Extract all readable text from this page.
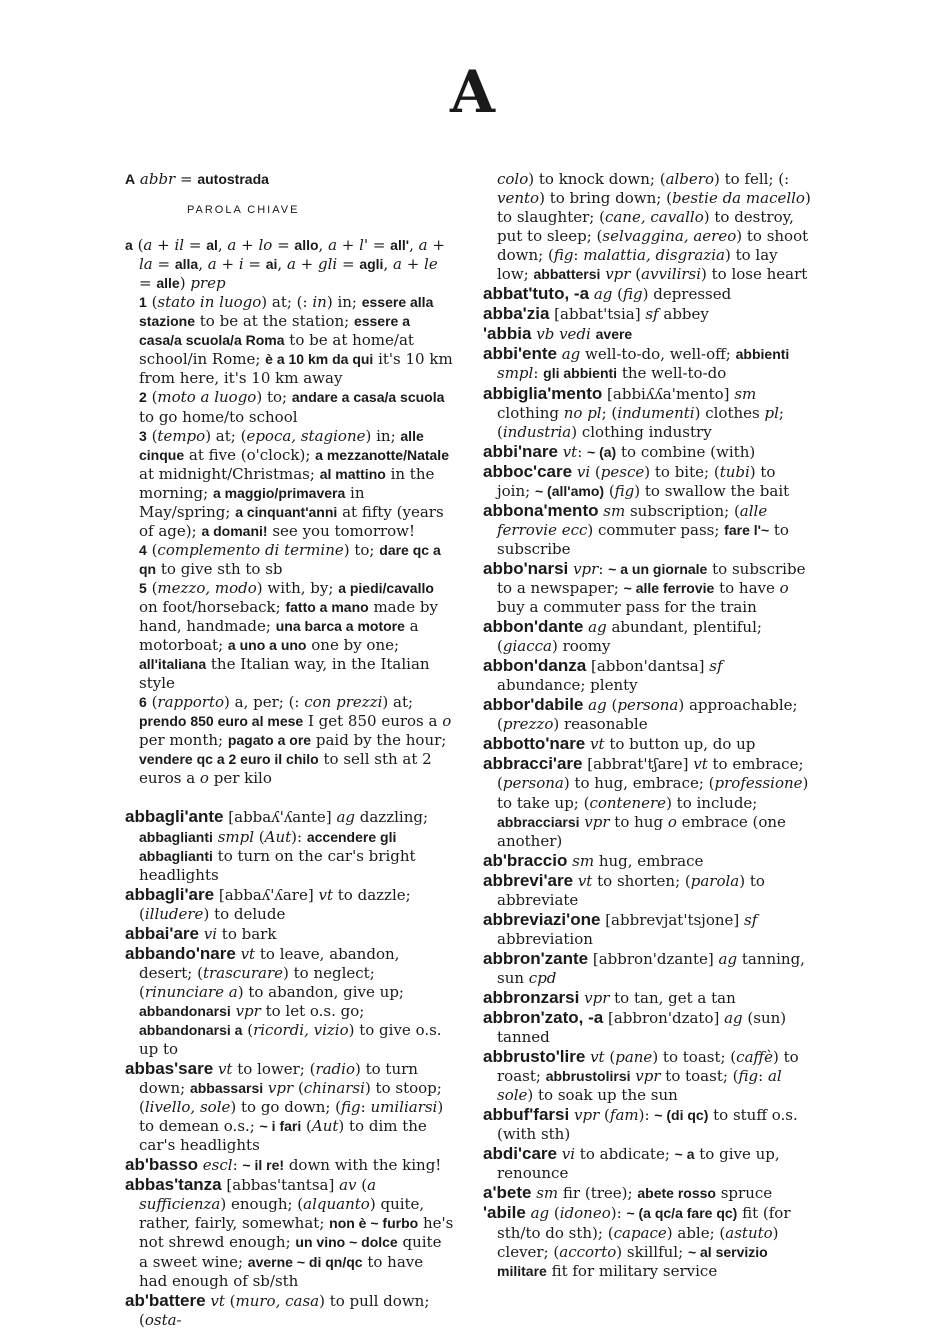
A
A abbr = autostrada
PAROLA CHIAVE
a (a + il = al, a + lo = allo, a + l' = all', a + la = alla, a + i = ai, a + gli = agli, a + le = alle) prep
1 (stato in luogo) at; (: in) in; essere alla stazione to be at the station; essere a casa/a scuola/a Roma to be at home/at school/in Rome; è a 10 km da qui it's 10 km from here, it's 10 km away
2 (moto a luogo) to; andare a casa/a scuola to go home/to school
3 (tempo) at; (epoca, stagione) in; alle cinque at five (o'clock); a mezzanotte/Natale at midnight/Christmas; al mattino in the morning; a maggio/primavera in May/spring; a cinquant'anni at fifty (years of age); a domani! see you tomorrow!
4 (complemento di termine) to; dare qc a qn to give sth to sb
5 (mezzo, modo) with, by; a piedi/cavallo on foot/horseback; fatto a mano made by hand, handmade; una barca a motore a motorboat; a uno a uno one by one; all'italiana the Italian way, in the Italian style
6 (rapporto) a, per; (: con prezzi) at; prendo 850 euro al mese I get 850 euros a o per month; pagato a ore paid by the hour; vendere qc a 2 euro il chilo to sell sth at 2 euros a o per kilo
abbagli'ante [abbaʎ'ʎante] ag dazzling; abbaglianti smpl (Aut): accendere gli abbaglianti to turn on the car's bright headlights
abbagli'are [abbaʎ'ʎare] vt to dazzle; (illudere) to delude
abbai'are vi to bark
abbando'nare vt to leave, abandon, desert; (trascurare) to neglect; (rinunciare a) to abandon, give up; abbandonarsi vpr to let o.s. go; abbandonarsi a (ricordi, vizio) to give o.s. up to
abbas'sare vt to lower; (radio) to turn down; abbassarsi vpr (chinarsi) to stoop; (livello, sole) to go down; (fig: umiliarsi) to demean o.s.; ~ i fari (Aut) to dim the car's headlights
ab'basso escl: ~ il re! down with the king!
abbas'tanza [abbas'tantsa] av (a sufficienza) enough; (alquanto) quite, rather, fairly, somewhat; non è ~ furbo he's not shrewd enough; un vino ~ dolce quite a sweet wine; averne ~ di qn/qc to have had enough of sb/sth
ab'battere vt (muro, casa) to pull down; (osta-
colo) to knock down; (albero) to fell; (: vento) to bring down; (bestie da macello) to slaughter; (cane, cavallo) to destroy, put to sleep; (selvaggina, aereo) to shoot down; (fig: malattia, disgrazia) to lay low; abbattersi vpr (avvilirsi) to lose heart
abbat'tuto, -a ag (fig) depressed
abba'zia [abbat'tsia] sf abbey
'abbia vb vedi avere
abbi'ente ag well-to-do, well-off; abbienti smpl: gli abbienti the well-to-do
abbiglia'mento [abbiʎʎa'mento] sm clothing no pl; (indumenti) clothes pl; (industria) clothing industry
abbi'nare vt: ~ (a) to combine (with)
abboc'care vi (pesce) to bite; (tubi) to join; ~ (all'amo) (fig) to swallow the bait
abbona'mento sm subscription; (alle ferrovie ecc) commuter pass; fare l'~ to subscribe
abbo'narsi vpr: ~ a un giornale to subscribe to a newspaper; ~ alle ferrovie to have o buy a commuter pass for the train
abbon'dante ag abundant, plentiful; (giacca) roomy
abbon'danza [abbon'dantsa] sf abundance; plenty
abbor'dabile ag (persona) approachable; (prezzo) reasonable
abbotto'nare vt to button up, do up
abbracci'are [abbrat'tʃare] vt to embrace; (persona) to hug, embrace; (professione) to take up; (contenere) to include; abbracciarsi vpr to hug o embrace (one another)
ab'braccio sm hug, embrace
abbrevi'are vt to shorten; (parola) to abbreviate
abbreviazi'one [abbrevjat'tsjone] sf abbreviation
abbron'zante [abbron'dzante] ag tanning, sun cpd
abbronzarsi vpr to tan, get a tan
abbron'zato, -a [abbron'dzato] ag (sun) tanned
abbrusto'lire vt (pane) to toast; (caffè) to roast; abbrustolirsi vpr to toast; (fig: al sole) to soak up the sun
abbuf'farsi vpr (fam): ~ (di qc) to stuff o.s. (with sth)
abdi'care vi to abdicate; ~ a to give up, renounce
a'bete sm fir (tree); abete rosso spruce
'abile ag (idoneo): ~ (a qc/a fare qc) fit (for sth/to do sth); (capace) able; (astuto) clever; (accorto) skillful; ~ al servizio militare fit for military service
